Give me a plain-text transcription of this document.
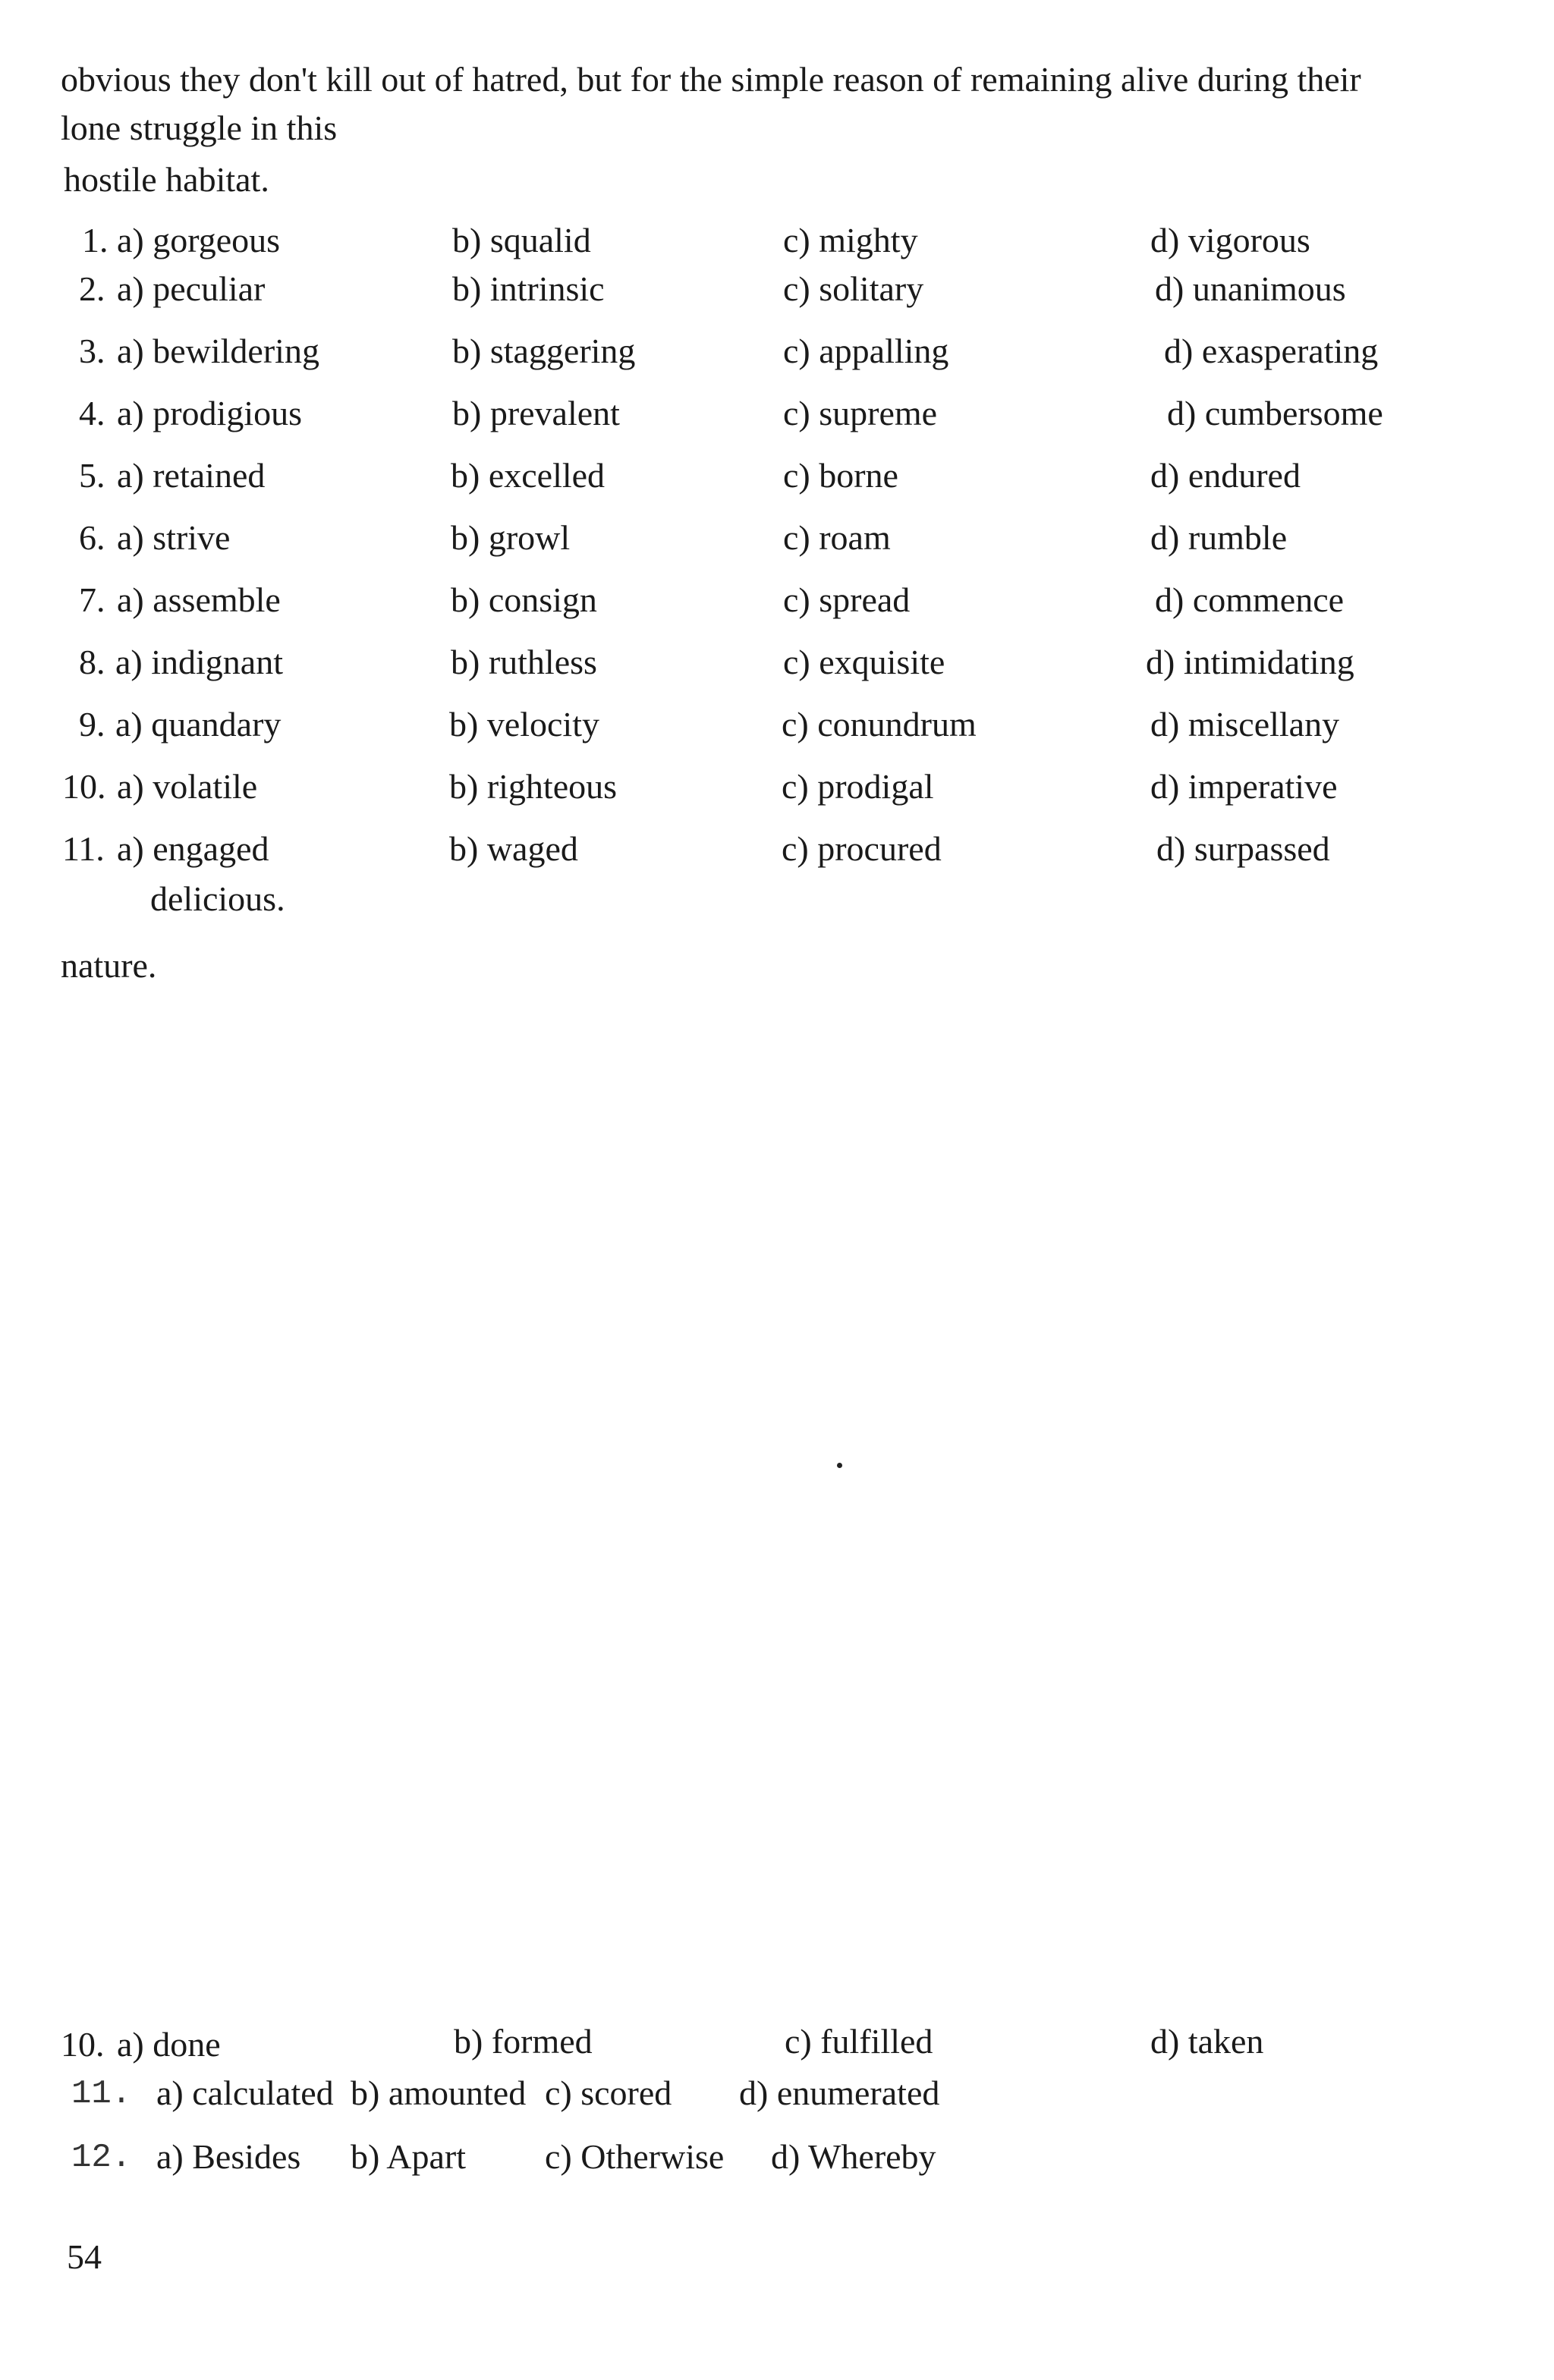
obvious they don't kill out of hatred, but for the simple reason of remaining alive during their
lone struggle in this
hostile habitat.
1. a) gorgeous	b) squalid	c) mighty	d) vigorous
2. a) peculiar	b) intrinsic	c) solitary	d) unanimous
3. a) bewildering	b) staggering	c) appalling	d) exasperating
4. a) prodigious	b) prevalent	c) supreme	d) cumbersome
5. a) retained	b) excelled	c) borne	d) endured
6. a) strive	b) growl	c) roam	d) rumble
7. a) assemble	b) consign	c) spread	d) commence
8. a) indignant	b) ruthless	c) exquisite	d) intimidating
9. a) quandary	b) velocity	c) conundrum	d) miscellany
10. a) volatile	b) righteous	c) prodigal	d) imperative
11. a) engaged	b) waged	c) procured	d) surpassed
delicious.
nature.
10. a) done	b) formed	c) fulfilled	d) taken
11. a) calculated b) amounted c) scored d) enumerated
12. a) Besides b) Apart c) Otherwise d) Whereby
54
